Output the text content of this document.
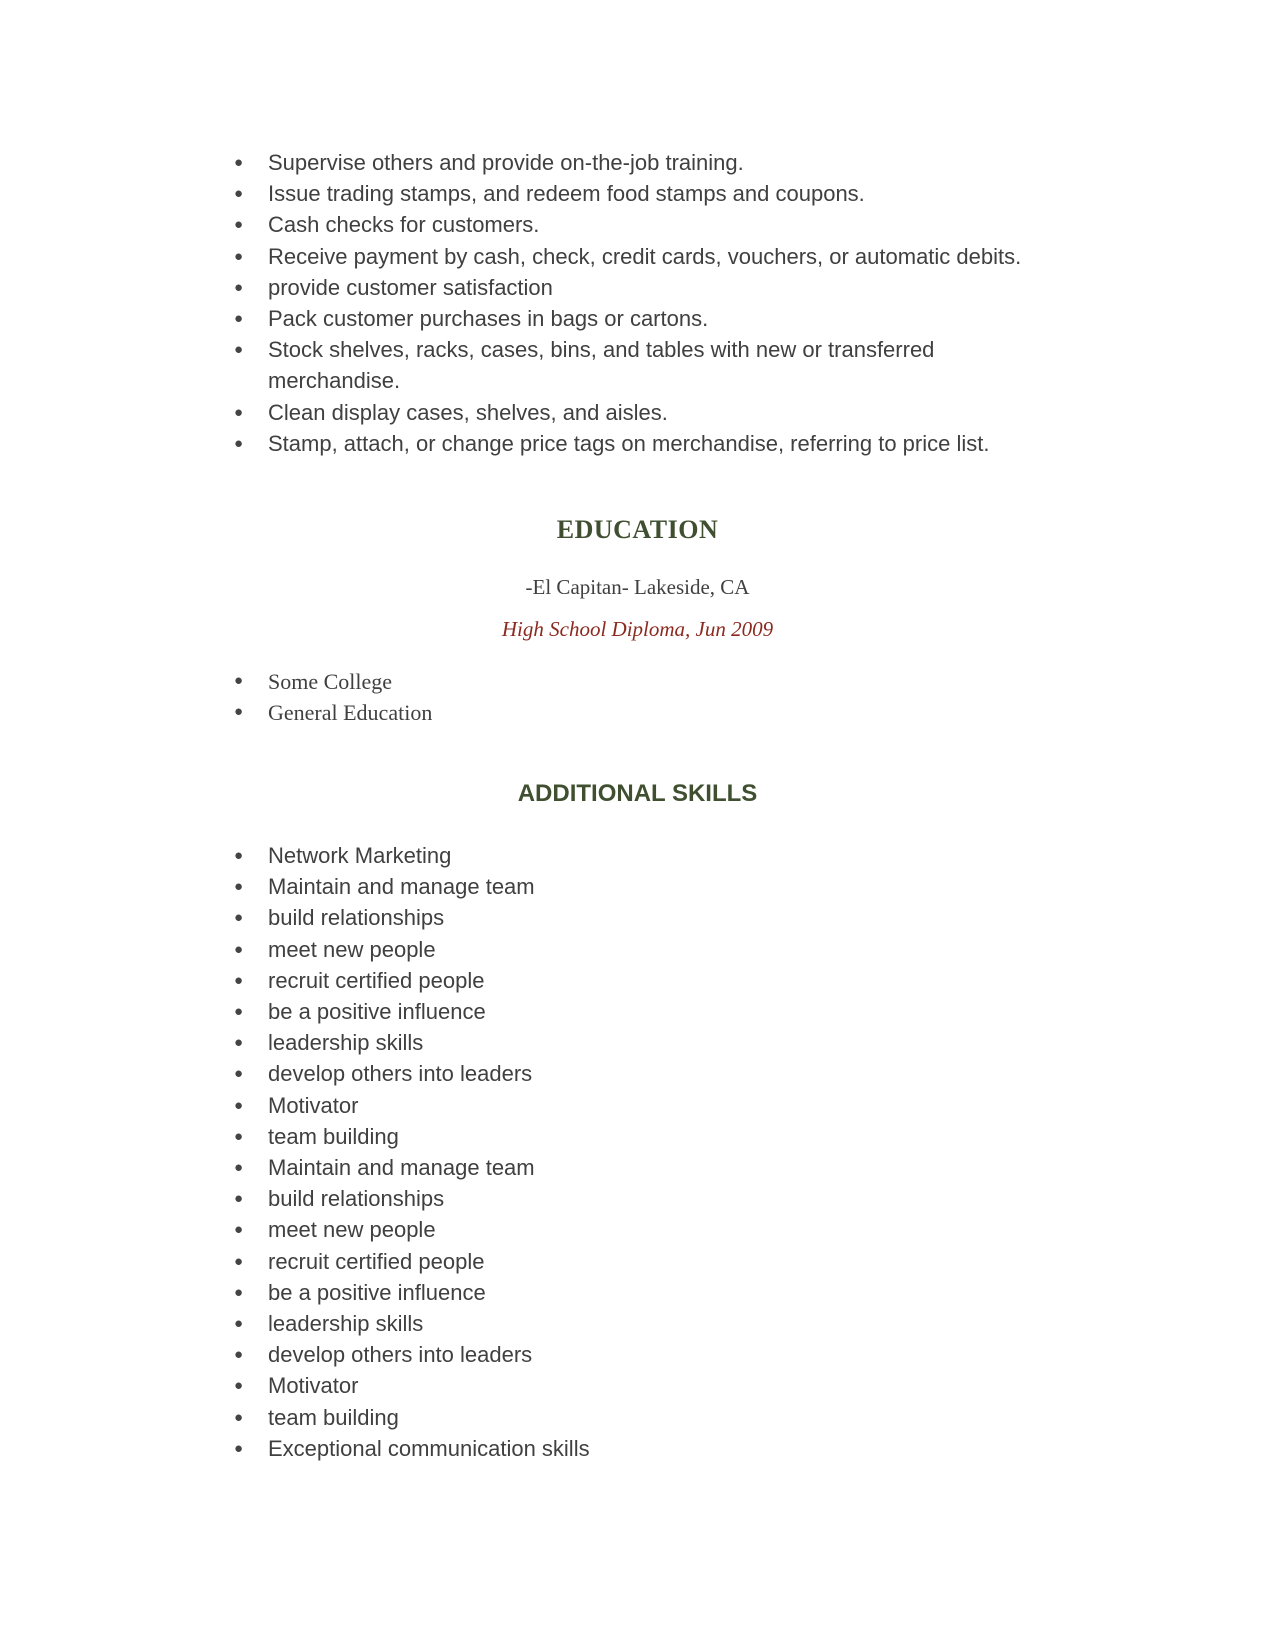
● Supervise others and provide on-the-job training.
● Issue trading stamps, and redeem food stamps and coupons.
● Cash checks for customers.
● Receive payment by cash, check, credit cards, vouchers, or automatic debits.
● provide customer satisfaction
● Pack customer purchases in bags or cartons.
● Stock shelves, racks, cases, bins, and tables with new or transferred merchandise.
● Clean display cases, shelves, and aisles.
● Stamp, attach, or change price tags on merchandise, referring to price list.
EDUCATION

-El Capitan- Lakeside, CA

High School Diploma, Jun 2009

● Some College
● General Education
ADDITIONAL SKILLS
● Network Marketing
● Maintain and manage team
● build relationships
● meet new people
● recruit certified people
● be a positive influence
● leadership skills
● develop others into leaders
● Motivator
● team building
● Maintain and manage team
● build relationships
● meet new people
● recruit certified people
● be a positive influence
● leadership skills
● develop others into leaders
● Motivator
● team building
● Exceptional communication skills
